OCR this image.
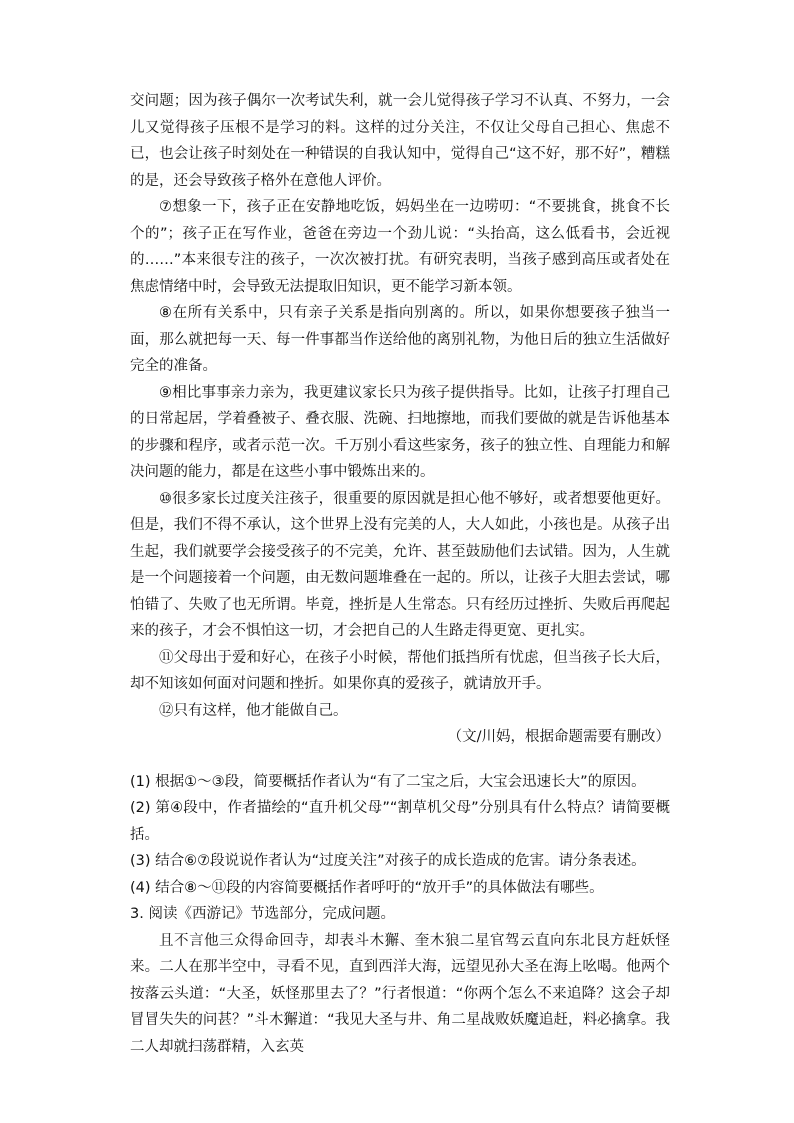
交问题；因为孩子偶尔一次考试失利，就一会儿觉得孩子学习不认真、不努力，一会儿又觉得孩子压根不是学习的料。这样的过分关注，不仅让父母自己担心、焦虑不已，也会让孩子时刻处在一种错误的自我认知中，觉得自己“这不好，那不好”，糟糕的是，还会导致孩子格外在意他人评价。

⑦想象一下，孩子正在安静地吃饭，妈妈坐在一边唠叨：“不要挑食，挑食不长个的”；孩子正在写作业，爸爸在旁边一个劲儿说：“头抬高，这么低看书，会近视的……”本来很专注的孩子，一次次被打扰。有研究表明，当孩子感到高压或者处在焦虑情绪中时，会导致无法提取旧知识，更不能学习新本领。

⑧在所有关系中，只有亲子关系是指向别离的。所以，如果你想要孩子独当一面，那么就把每一天、每一件事都当作送给他的离别礼物，为他日后的独立生活做好完全的准备。

⑨相比事事亲力亲为，我更建议家长只为孩子提供指导。比如，让孩子打理自己的日常起居，学着叠被子、叠衣服、洗碗、扫地擦地，而我们要做的就是告诉他基本的步骤和程序，或者示范一次。千万别小看这些家务，孩子的独立性、自理能力和解决问题的能力，都是在这些小事中锻炼出来的。

⑩很多家长过度关注孩子，很重要的原因就是担心他不够好，或者想要他更好。但是，我们不得不承认，这个世界上没有完美的人，大人如此，小孩也是。从孩子出生起，我们就要学会接受孩子的不完美，允许、甚至鼓励他们去试错。因为，人生就是一个问题接着一个问题，由无数问题堆叠在一起的。所以，让孩子大胆去尝试，哪怕错了、失败了也无所谓。毕竟，挫折是人生常态。只有经历过挫折、失败后再爬起来的孩子，才会不惧怕这一切，才会把自己的人生路走得更宽、更扎实。

⑪父母出于爱和好心，在孩子小时候，帮他们抵挡所有忧虑，但当孩子长大后，却不知该如何面对问题和挫折。如果你真的爱孩子，就请放开手。

⑫只有这样，他才能做自己。

（文/川妈，根据命题需要有删改）

(1) 根据①～③段，简要概括作者认为“有了二宝之后，大宝会迅速长大”的原因。

(2) 第④段中，作者描绘的“直升机父母”“割草机父母”分别具有什么特点？请简要概括。

(3) 结合⑥⑦段说说作者认为“过度关注”对孩子的成长造成的危害。请分条表述。

(4) 结合⑧～⑪段的内容简要概括作者呼吁的“放开手”的具体做法有哪些。

3. 阅读《西游记》节选部分，完成问题。

且不言他三众得命回寺，却表斗木獬、奎木狼二星官驾云直向东北艮方赶妖怪来。二人在那半空中，寻看不见，直到西洋大海，远望见孙大圣在海上吆喝。他两个按落云头道：“大圣，妖怪那里去了？”行者恨道：“你两个怎么不来追降？这会子却冒冒失失的问甚？”斗木獬道：“我见大圣与井、角二星战败妖魔追赶，料必擒拿。我二人却就扫荡群精，入玄英
